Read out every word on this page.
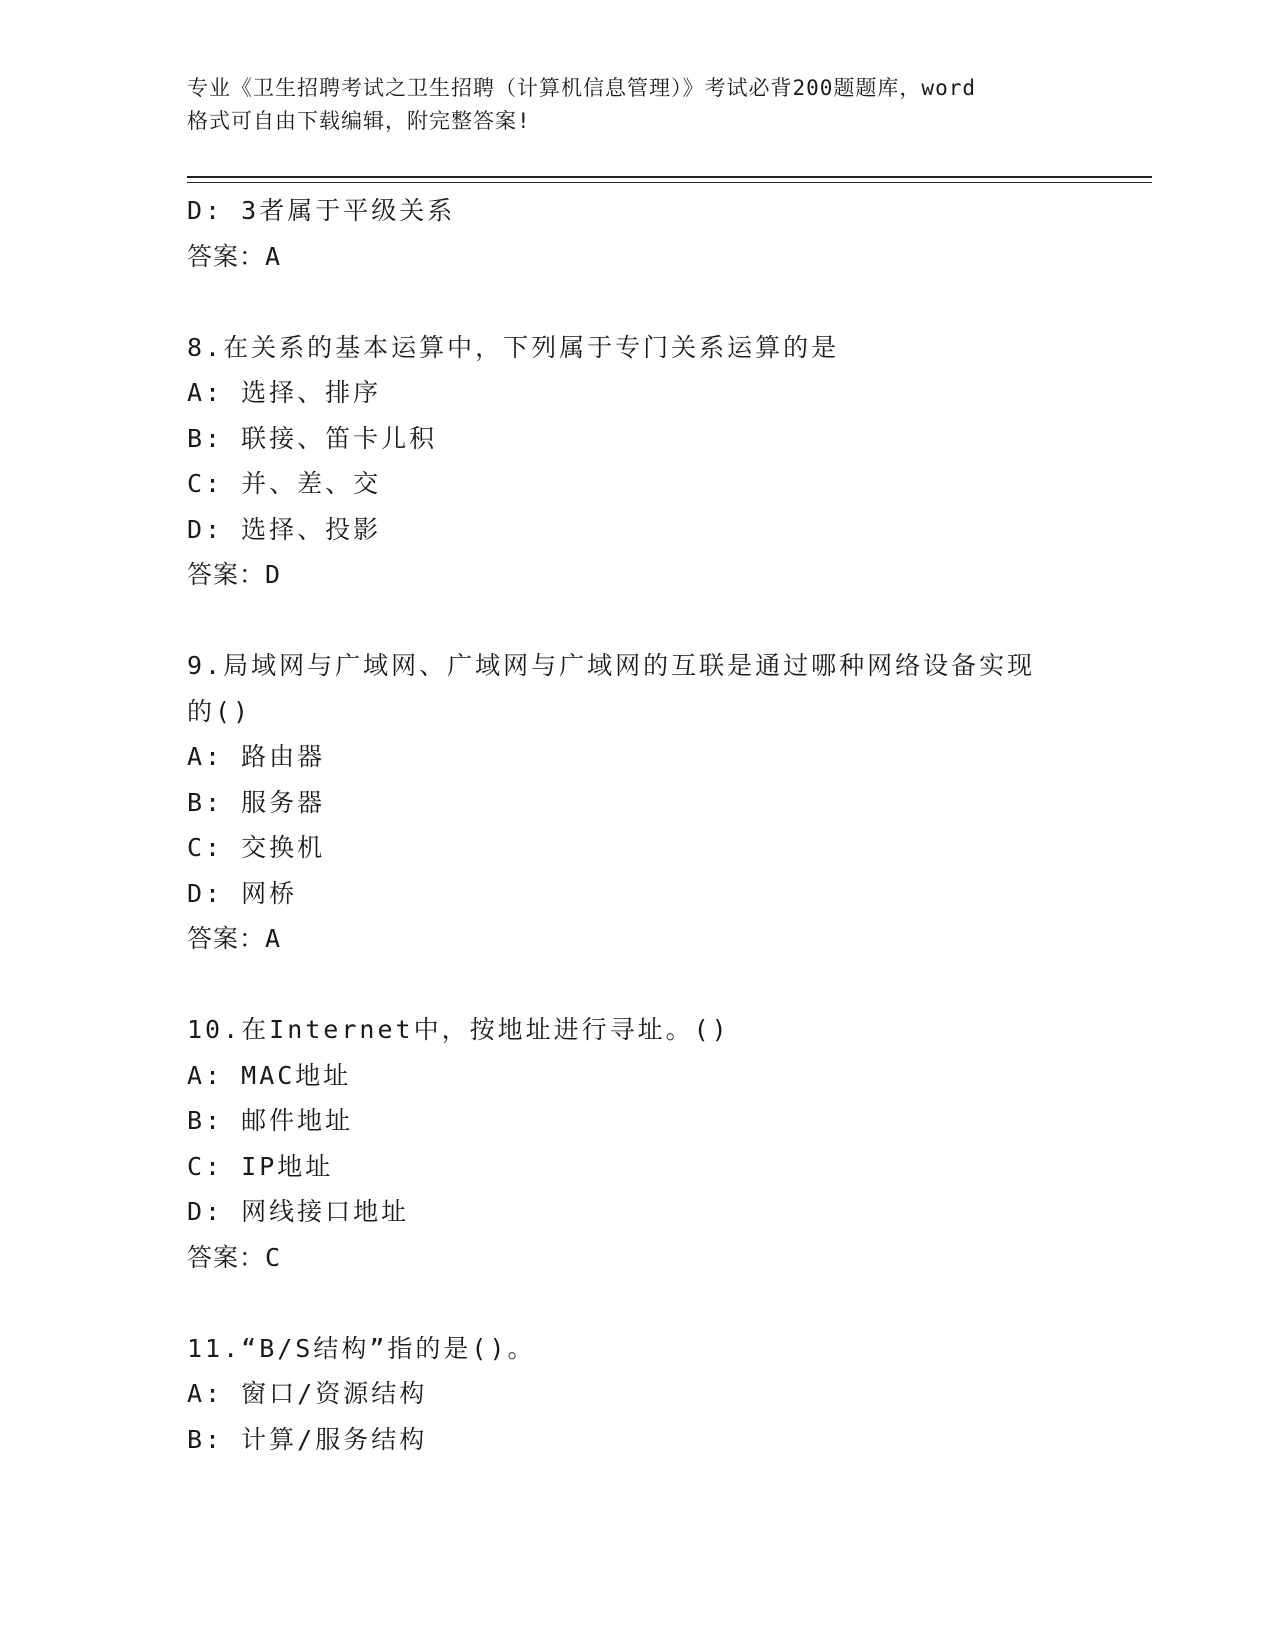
专业《卫生招聘考试之卫生招聘（计算机信息管理）》考试必背200题题库，word
格式可自由下载编辑，附完整答案!
D: 3者属于平级关系
答案：A
8.在关系的基本运算中，下列属于专门关系运算的是
A: 选择、排序
B: 联接、笛卡儿积
C: 并、差、交
D: 选择、投影
答案：D
9.局域网与广域网、广域网与广域网的互联是通过哪种网络设备实现
的()
A: 路由器
B: 服务器
C: 交换机
D: 网桥
答案：A
10.在Internet中，按地址进行寻址。()
A: MAC地址
B: 邮件地址
C: IP地址
D: 网线接口地址
答案：C
11.“B/S结构”指的是()。
A: 窗口/资源结构
B: 计算/服务结构
